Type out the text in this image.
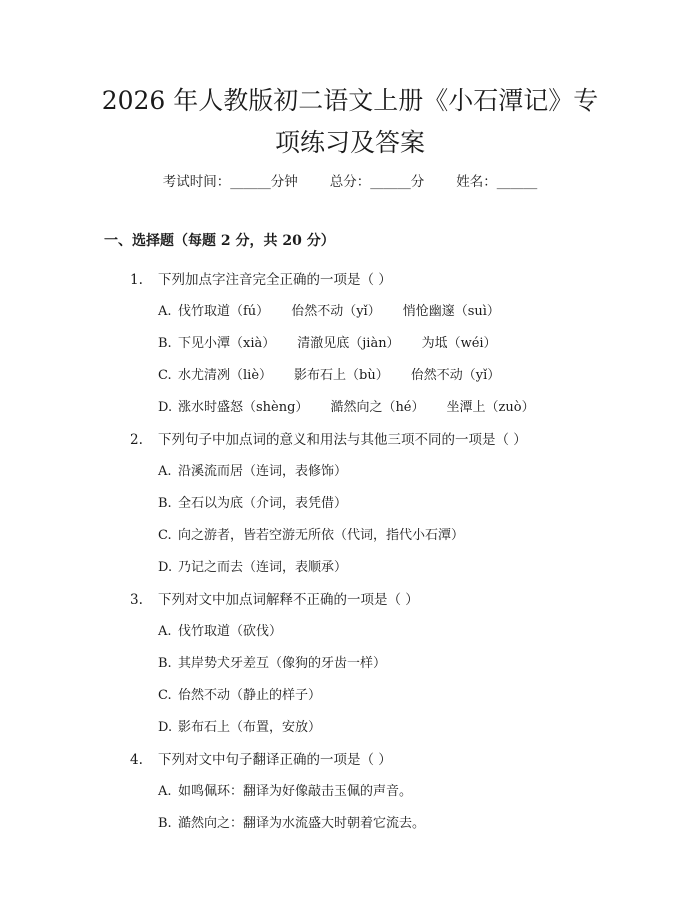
2026 年人教版初二语文上册《小石潭记》专
项练习及答案
考试时间：______分钟 总分：______分 姓名：______
一、选择题（每题 2 分，共 20 分）
1. 下列加点字注音完全正确的一项是（ ）
A. 伐竹取道（fú） 佁然不动（yǐ） 悄怆幽邃（suì）
B. 下见小潭（xià） 清澈见底（jiàn） 为坻（wéi）
C. 水尤清冽（liè） 影布石上（bù） 佁然不动（yǐ）
D. 涨水时盛怒（shèng） 澔然向之（hé） 坐潭上（zuò）
2. 下列句子中加点词的意义和用法与其他三项不同的一项是（ ）
A. 沿溪流而居（连词，表修饰）
B. 全石以为底（介词，表凭借）
C. 向之游者，皆若空游无所依（代词，指代小石潭）
D. 乃记之而去（连词，表顺承）
3. 下列对文中加点词解释不正确的一项是（ ）
A. 伐竹取道（砍伐）
B. 其岸势犬牙差互（像狗的牙齿一样）
C. 佁然不动（静止的样子）
D. 影布石上（布置，安放）
4. 下列对文中句子翻译正确的一项是（ ）
A. 如鸣佩环：翻译为好像敲击玉佩的声音。
B. 澔然向之：翻译为水流盛大时朝着它流去。
